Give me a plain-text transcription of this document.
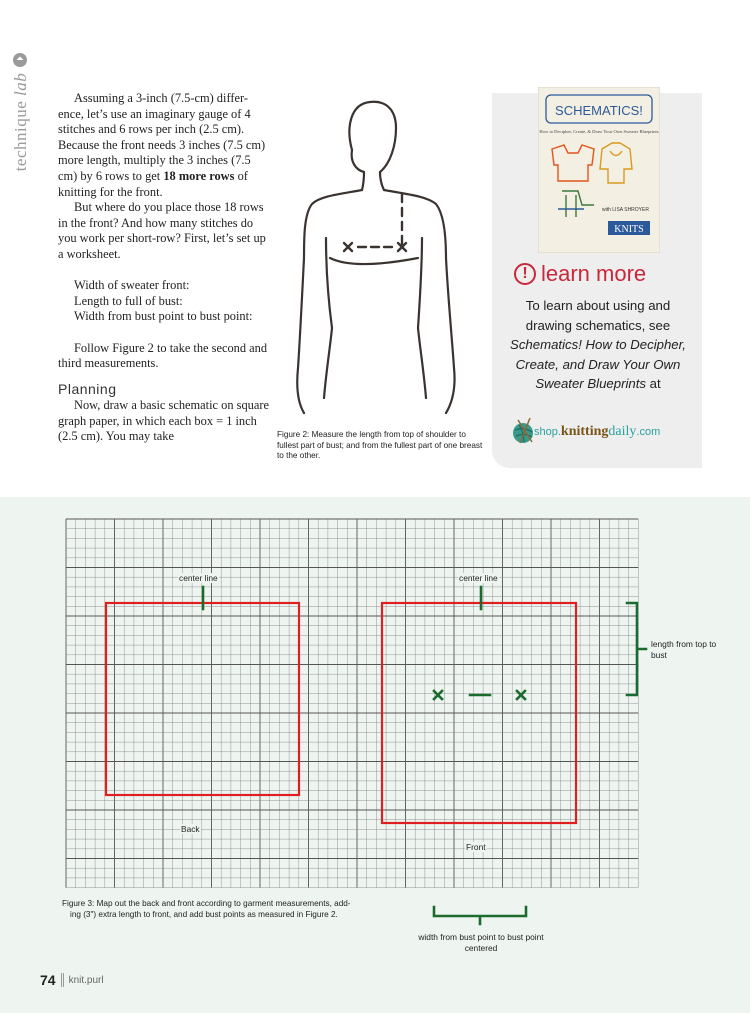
technique lab

Assuming a 3-inch (7.5-cm) differ-ence, let’s use an imaginary gauge of 4 stitches and 6 rows per inch (2.5 cm). Because the front needs 3 inches (7.5 cm) more length, multiply the 3 inches (7.5 cm) by 6 rows to get 18 more rows of knitting for the front.

But where do you place those 18 rows in the front? And how many stitches do you work per short-row? First, let’s set up a worksheet.

Width of sweater front:

Length to full of bust:

Width from bust point to bust point:

Follow Figure 2 to take the second and third measurements.

Planning

Now, draw a basic schematic on square graph paper, in which each box = 1 inch (2.5 cm). You may take	Figure 2: Measure the length from top of shoulder to fullest part of bust; and from the fullest part of one breast to the other.
SCHEMATICS!
How to Decipher, Create, & Draw Your Own Sweater Blueprints
with LISA SHROYER
KNITS
! learn more
To learn about using and drawing schematics, see Schematics! How to Decipher, Create, and Draw Your Own Sweater Blueprints at
shop.knittingdaily.com
center line	center line
Back
Front
length from top to bust
width from bust point to bust point centered
Figure 3: Map out the back and front according to garment measurements, add-
ing (3") extra length to front, and add bust points as measured in Figure 2.
74 knit.purl
